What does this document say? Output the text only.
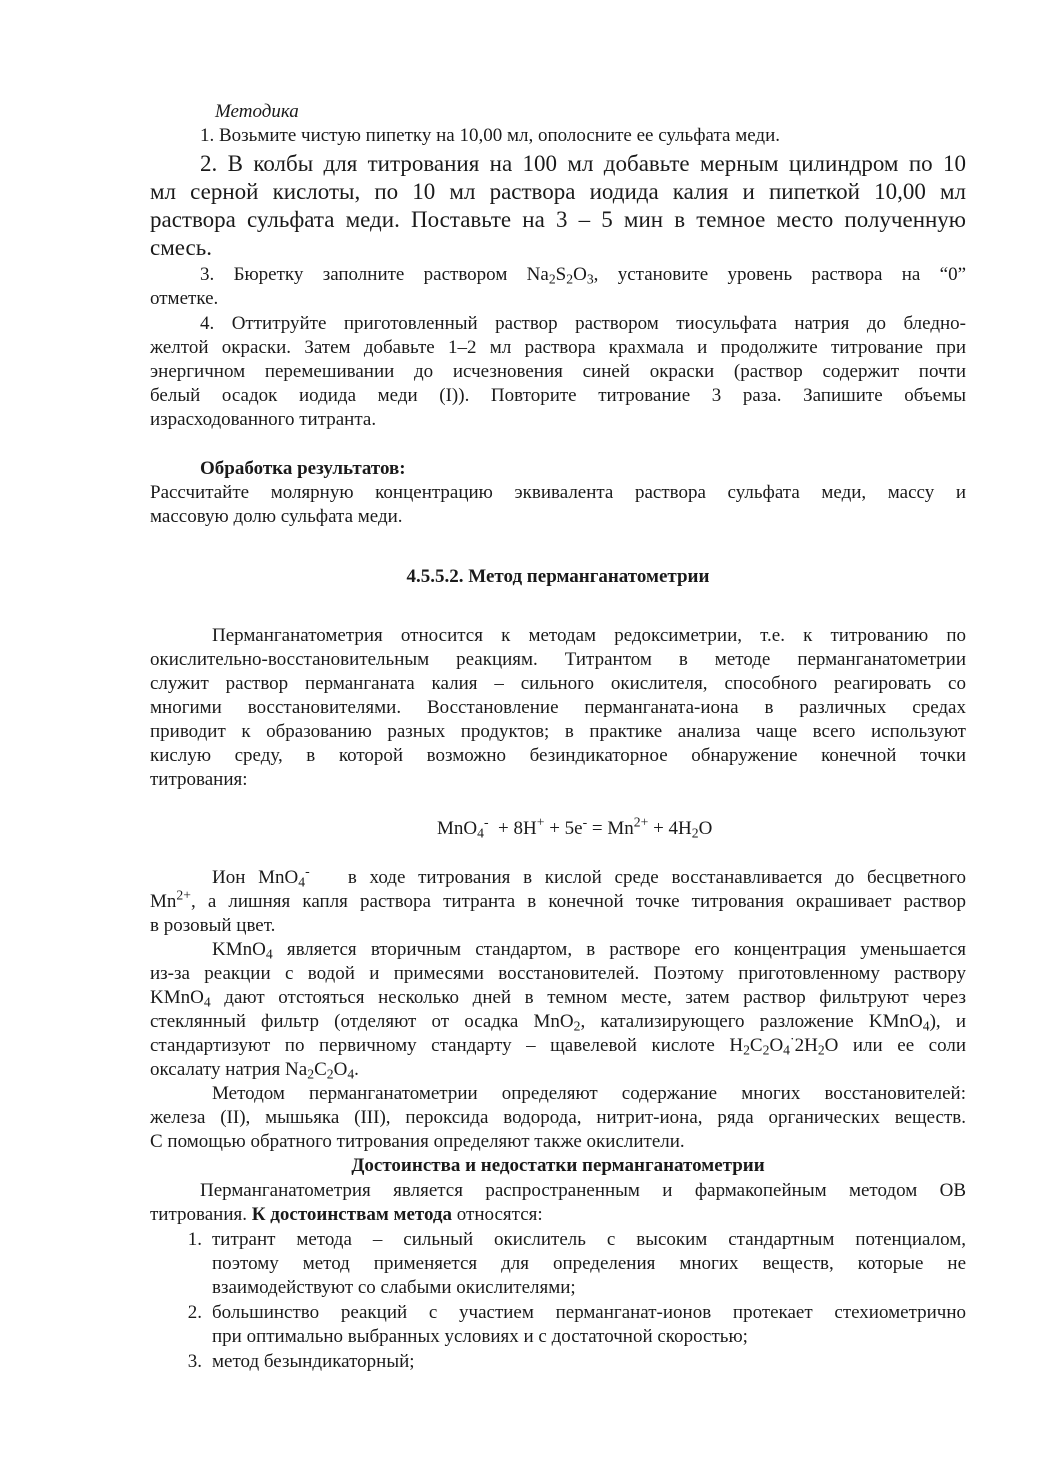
Методика
1. Возьмите чистую пипетку на 10,00 мл, ополосните ее сульфата меди.
2. В колбы для титрования на 100 мл добавьте мерным цилиндром по 10
мл серной кислоты, по 10 мл раствора иодида калия и пипеткой 10,00 мл
раствора сульфата меди. Поставьте на 3 – 5 мин в темное место полученную
смесь.
3. Бюретку заполните раствором $Na_2S_2O_3$, установите уровень раствора на “0”
отметке.
4. Оттитруйте приготовленный раствор раствором тиосульфата натрия до бледно-
желтой окраски. Затем добавьте 1–2 мл раствора крахмала и продолжите титрование при
энергичном перемешивании до исчезновения синей окраски (раствор содержит почти
белый осадок иодида меди (I)). Повторите титрование 3 раза. Запишите объемы
израсходованного титранта.
Обработка результатов:
Рассчитайте молярную концентрацию эквивалента раствора сульфата меди, массу и
массовую долю сульфата меди.
4.5.5.2. Метод перманганатометрии
Перманганатометрия относится к методам редоксиметрии, т.е. к титрованию по
окислительно-восстановительным реакциям. Титрантом в методе перманганатометрии
служит раствор перманганата калия – сильного окислителя, способного реагировать со
многими восстановителями. Восстановление перманганата-иона в различных средах
приводит к образованию разных продуктов; в практике анализа чаще всего используют
кислую среду, в которой возможно безиндикаторное обнаружение конечной точки
титрования:
$MnO_4^- + 8H^+ + 5e^- = Mn^{2+} + 4H_2O$
Ион MnO$_4$- в ходе титрования в кислой среде восстанавливается до бесцветного
$Mn^{2+}$, а лишняя капля раствора титранта в конечной точке титрования окрашивает раствор
в розовый цвет.
KMnO$_4$ является вторичным стандартом, в растворе его концентрация уменьшается
из-за реакции с водой и примесями восстановителей. Поэтому приготовленному раствору
KMnO$_4$ дают отстояться несколько дней в темном месте, затем раствор фильтруют через
стеклянный фильтр (отделяют от осадка MnO$_2$, катализирующего разложение KMnO$_4$), и
стандартизуют по первичному стандарту – щавелевой кислоте $H_2C_2O_4^\cdot 2H_2O$ или ее соли
оксалату натрия $Na_2C_2O_4$.
Методом перманганатометрии определяют содержание многих восстановителей:
железа (II), мышьяка (III), пероксида водорода, нитрит-иона, ряда органических веществ.
С помощью обратного титрования определяют также окислители.
Достоинства и недостатки перманганатометрии
Перманганатометрия является распространенным и фармакопейным методом ОВ
титрования. К достоинствам метода относятся:
1. титрант метода – сильный окислитель с высоким стандартным потенциалом,
поэтому метод применяется для определения многих веществ, которые не
взаимодействуют со слабыми окислителями;
2. большинство реакций с участием перманганат-ионов протекает стехиометрично
при оптимально выбранных условиях и с достаточной скоростью;
3. метод безындикаторный;
